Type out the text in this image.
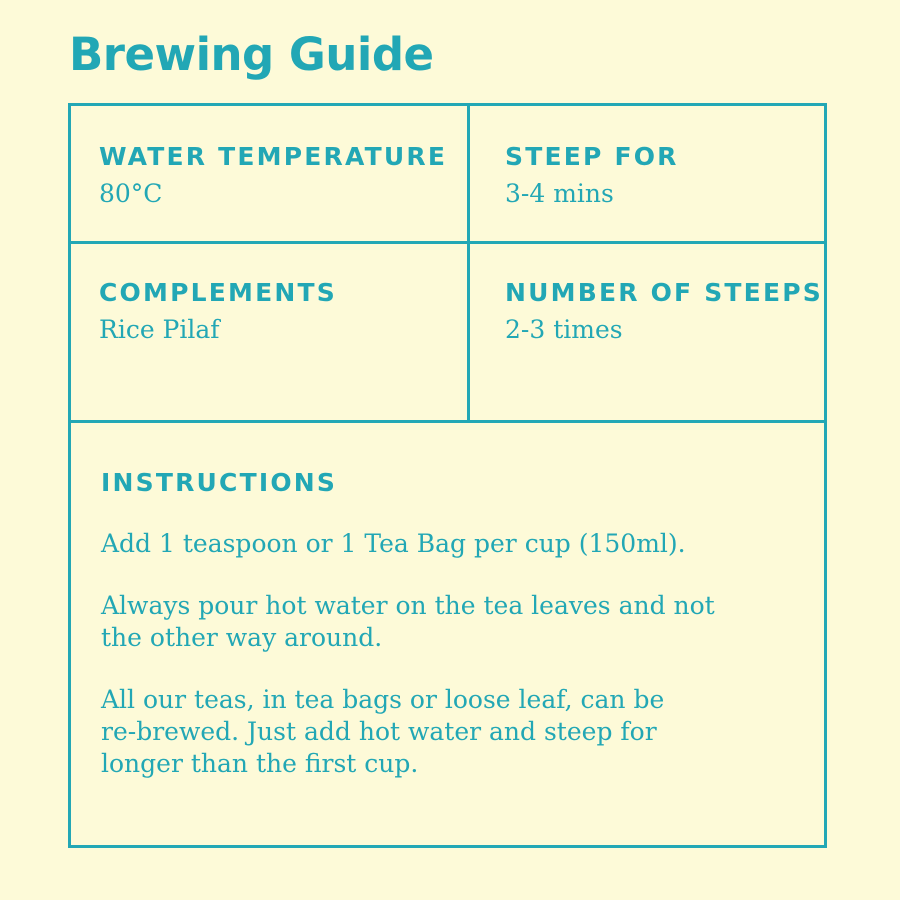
Brewing Guide
WATER TEMPERATURE
80°C
STEEP FOR
3-4 mins
COMPLEMENTS
Rice Pilaf
NUMBER OF STEEPS
2-3 times
INSTRUCTIONS
Add 1 teaspoon or 1 Tea Bag per cup (150ml).
Always pour hot water on the tea leaves and not
the other way around.
All our teas, in tea bags or loose leaf, can be
re-brewed. Just add hot water and steep for
longer than the first cup.
